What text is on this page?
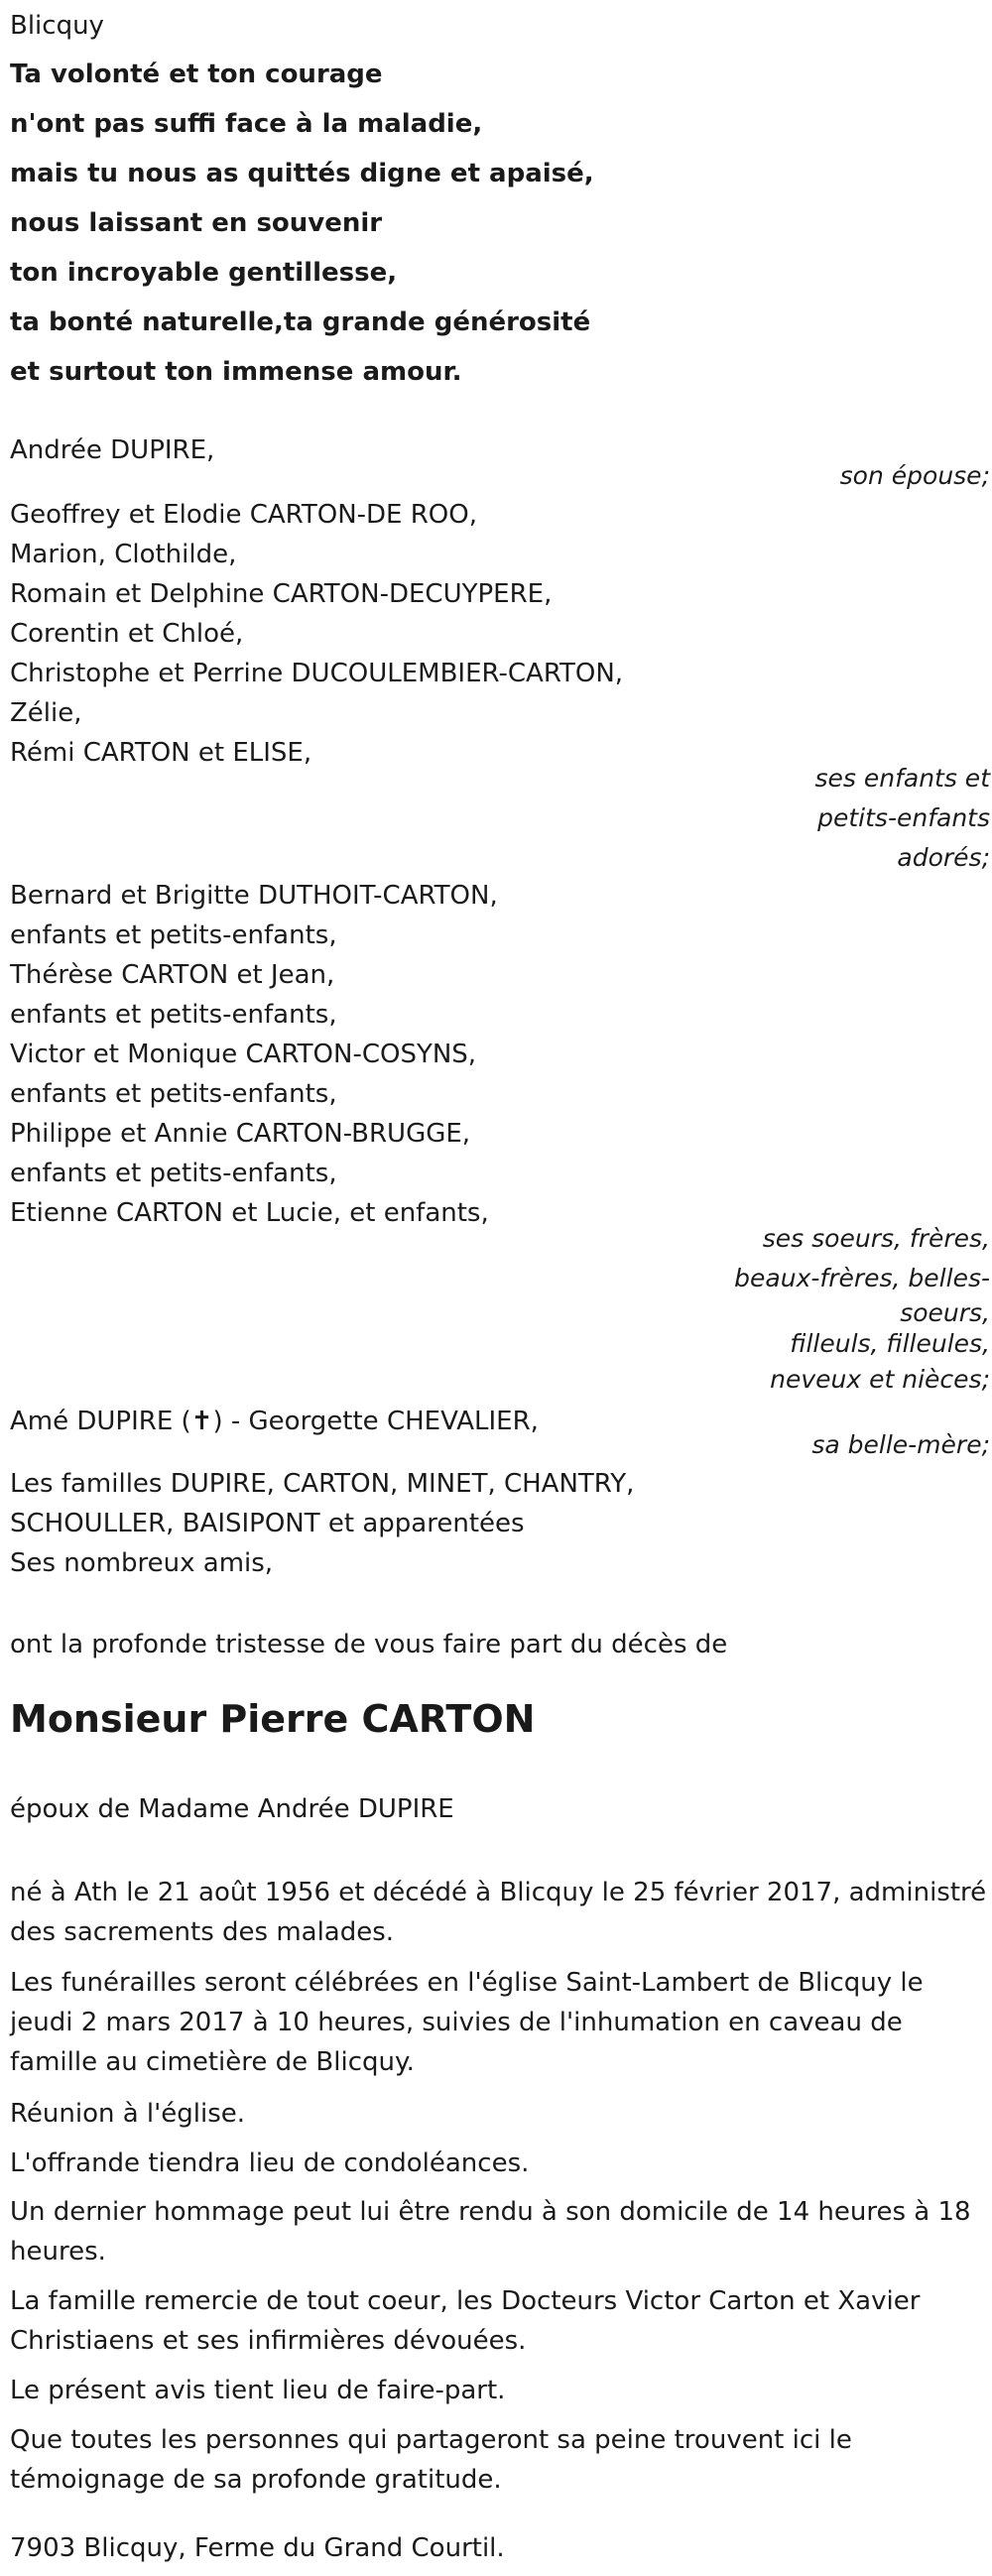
Blicquy
Ta volonté et ton courage
n'ont pas suffi face à la maladie,
mais tu nous as quittés digne et apaisé,
nous laissant en souvenir
ton incroyable gentillesse,
ta bonté naturelle,ta grande générosité
et surtout ton immense amour.
Andrée DUPIRE,
son épouse;
Geoffrey et Elodie CARTON-DE ROO,
Marion, Clothilde,
Romain et Delphine CARTON-DECUYPERE,
Corentin et Chloé,
Christophe et Perrine DUCOULEMBIER-CARTON,
Zélie,
Rémi CARTON et ELISE,
ses enfants et
petits-enfants
adorés;
Bernard et Brigitte DUTHOIT-CARTON,
enfants et petits-enfants,
Thérèse CARTON et Jean,
enfants et petits-enfants,
Victor et Monique CARTON-COSYNS,
enfants et petits-enfants,
Philippe et Annie CARTON-BRUGGE,
enfants et petits-enfants,
Etienne CARTON et Lucie, et enfants,
ses soeurs, frères,
beaux-frères, belles-
soeurs,
filleuls, filleules,
neveux et nièces;
Amé DUPIRE (✝) - Georgette CHEVALIER,
sa belle-mère;
Les familles DUPIRE, CARTON, MINET, CHANTRY,
SCHOULLER, BAISIPONT et apparentées
Ses nombreux amis,
ont la profonde tristesse de vous faire part du décès de
Monsieur Pierre CARTON
époux de Madame Andrée DUPIRE
né à Ath le 21 août 1956 et décédé à Blicquy le 25 février 2017, administré des sacrements des malades.
Les funérailles seront célébrées en l'église Saint-Lambert de Blicquy le jeudi 2 mars 2017 à 10 heures, suivies de l'inhumation en caveau de famille au cimetière de Blicquy.
Réunion à l'église.
L'offrande tiendra lieu de condoléances.
Un dernier hommage peut lui être rendu à son domicile de 14 heures à 18 heures.
La famille remercie de tout coeur, les Docteurs Victor Carton et Xavier Christiaens et ses infirmières dévouées.
Le présent avis tient lieu de faire-part.
Que toutes les personnes qui partageront sa peine trouvent ici le témoignage de sa profonde gratitude.
7903 Blicquy, Ferme du Grand Courtil.
